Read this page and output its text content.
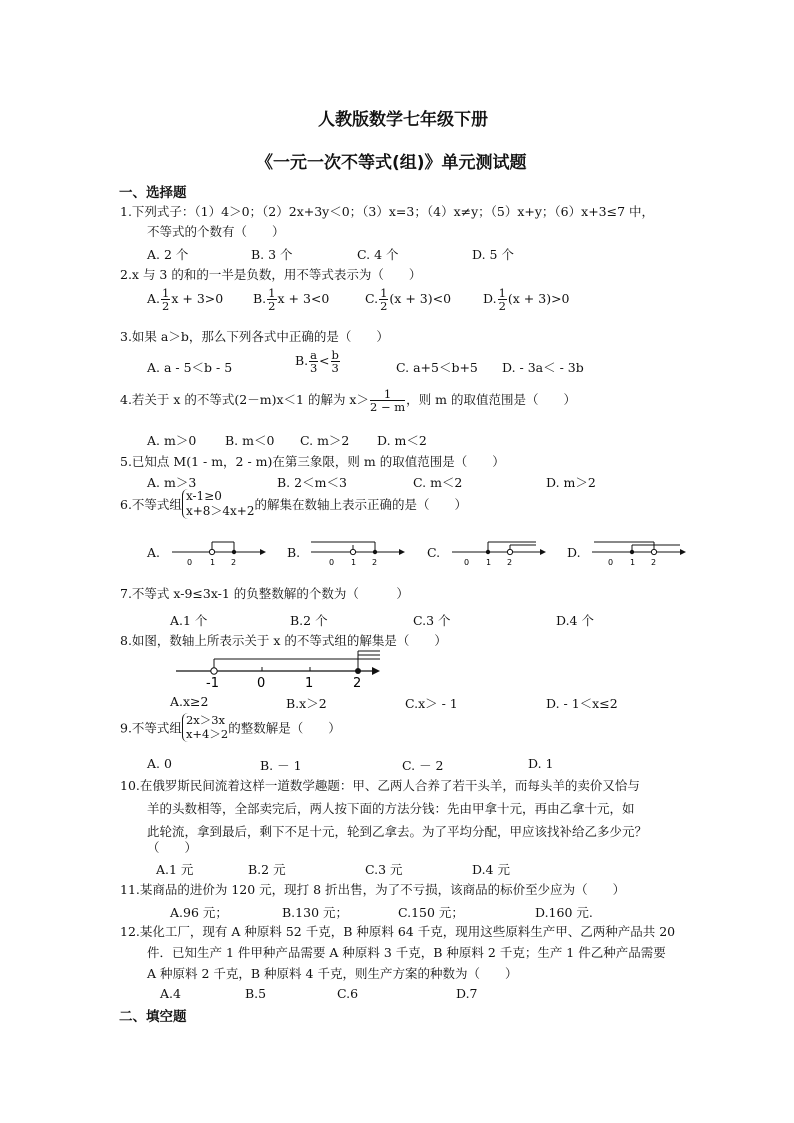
人教版数学七年级下册
《一元一次不等式(组)》单元测试题
一、选择题
1.下列式子：（1）4＞0；（2）2x+3y＜0；（3）x=3；（4）x≠y；（5）x+y；（6）x+3≤7 中，
不等式的个数有（　　）
A. 2 个	B. 3 个	C. 4 个	D. 5 个
2.x 与 3 的和的一半是负数，用不等式表示为（　　）
A. $\frac{1}{2}$ x + 3>0 B. $\frac{1}{2}$ x + 3<0	C. $\frac{1}{2} (x + 3)<0$	D. $\frac{1}{2} (x + 3)>0$
3.如果 a＞b，那么下列各式中正确的是（　　）
A. a - 5＜b - 5	B. $\frac{a}{3} < \frac{b}{3}$	C. a+5＜b+5 D. - 3a＜ - 3b
4.若关于 x 的不等式(2－m)x＜1 的解为 $x> \frac{1}{2 - m}$ ，则 m 的取值范围是（　　）
A. m＞0 B. m＜0 C. m＞2 D. m＜2
5.已知点 M(1 - m，2 - m)在第三象限，则 m 的取值范围是（　　）
A. m＞3	B. 2＜m＜3	C. m＜2	D. m＞2
6.不等式组
x-1≥0
x+8＞4x+2 的解集在数轴上表示正确的是（　　）
A.
0 1 2
B.
0 1 2
C.
0 1 2
D.
0 1 2
7.不等式 x-9≤3x-1 的负整数解的个数为（　　　）
A.1 个	B.2 个	C.3 个	D.4 个
8.如图，数轴上所表示关于 x 的不等式组的解集是（　　）
-1	0	1	2
A.x≥2	B.x＞2	C.x＞ - 1	D. - 1＜x≤2
9.不等式组
2x＞3x
x+4＞2 的整数解是（　　）
A. 0	B. － 1	C. － 2	D. 1
10.在俄罗斯民间流着这样一道数学趣题：甲、乙两人合养了若干头羊，而每头羊的卖价又恰与
羊的头数相等，全部卖完后，两人按下面的方法分钱：先由甲拿十元，再由乙拿十元，如
此轮流，拿到最后，剩下不足十元，轮到乙拿去。为了平均分配，甲应该找补给乙多少元？
（　　）
A.1 元	B.2 元	C.3 元	D.4 元
11.某商品的进价为 120 元，现打 8 折出售，为了不亏损，该商品的标价至少应为（　　）
A.96 元；	B.130 元；	C.150 元；	D.160 元.
12.某化工厂，现有 A 种原料 52 千克，B 种原料 64 千克，现用这些原料生产甲、乙两种产品共 20
件．已知生产 1 件甲种产品需要 A 种原料 3 千克，B 种原料 2 千克；生产 1 件乙种产品需要
A 种原料 2 千克，B 种原料 4 千克，则生产方案的种数为（　　）
A.4	B.5	C.6	D.7
二、填空题
